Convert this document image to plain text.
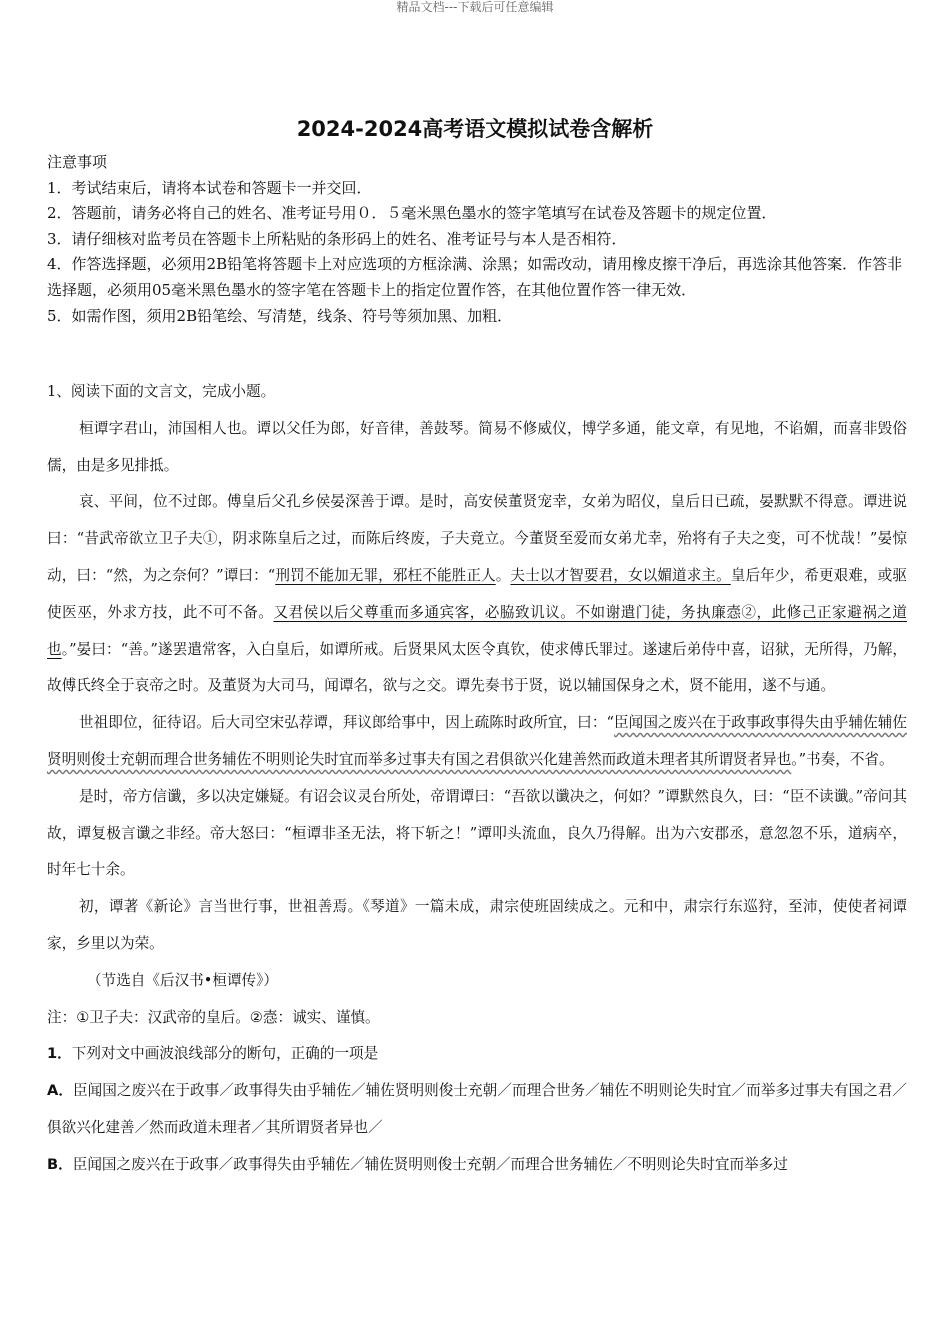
精品文档---下载后可任意编辑
2024-2024高考语文模拟试卷含解析

注意事项

1．考试结束后，请将本试卷和答题卡一并交回．

2．答题前，请务必将自己的姓名、准考证号用０．５毫米黑色墨水的签字笔填写在试卷及答题卡的规定位置．

3．请仔细核对监考员在答题卡上所粘贴的条形码上的姓名、准考证号与本人是否相符．

4．作答选择题，必须用2B铅笔将答题卡上对应选项的方框涂满、涂黑；如需改动，请用橡皮擦干净后，再选涂其他答案．作答非选择题，必须用05毫米黑色墨水的签字笔在答题卡上的指定位置作答，在其他位置作答一律无效．

5．如需作图，须用2B铅笔绘、写清楚，线条、符号等须加黑、加粗．

1、阅读下面的文言文，完成小题。

桓谭字君山，沛国相人也。谭以父任为郎，好音律，善鼓琴。简易不修威仪，博学多通，能文章，有见地，不谄媚，而喜非毁俗儒，由是多见排抵。

哀、平间，位不过郎。傅皇后父孔乡侯晏深善于谭。是时，高安侯董贤宠幸，女弟为昭仪，皇后日已疏，晏默默不得意。谭进说曰：“昔武帝欲立卫子夫①，阴求陈皇后之过，而陈后终废，子夫竟立。今董贤至爱而女弟尤幸，殆将有子夫之变，可不忧哉！”晏惊动，曰：“然，为之奈何？”谭曰：“刑罚不能加无罪，邪枉不能胜正人。夫士以才智要君，女以媚道求主。皇后年少，希更艰难，或驱使医巫，外求方技，此不可不备。又君侯以后父尊重而多通宾客，必脇致讥议。不如谢遣门徒，务执廉悫②，此修己正家避祸之道也。”晏曰：“善。”遂罢遣常客，入白皇后，如谭所戒。后贤果风太医令真钦，使求傅氏罪过。遂逮后弟侍中喜，诏狱，无所得，乃解，故傅氏终全于哀帝之时。及董贤为大司马，闻谭名，欲与之交。谭先奏书于贤，说以辅国保身之术，贤不能用，遂不与通。

世祖即位，征待诏。后大司空宋弘荐谭，拜议郎给事中，因上疏陈时政所宜，曰：“臣闻国之废兴在于政事政事得失由乎辅佐辅佐贤明则俊士充朝而理合世务辅佐不明则论失时宜而举多过事夫有国之君俱欲兴化建善然而政道未理者其所谓贤者异也。”书奏，不省。

是时，帝方信谶，多以决定嫌疑。有诏会议灵台所处，帝谓谭曰：“吾欲以谶决之，何如？”谭默然良久，曰：“臣不读谶。”帝问其故，谭复极言谶之非经。帝大怒曰：“桓谭非圣无法，将下斩之！”谭叩头流血，良久乃得解。出为六安郡丞，意忽忽不乐，道病卒，时年七十余。

初，谭著《新论》言当世行事，世祖善焉。《琴道》一篇未成，肃宗使班固续成之。元和中，肃宗行东巡狩，至沛，使使者祠谭家，乡里以为荣。

（节选自《后汉书•桓谭传》）

注：①卫子夫：汉武帝的皇后。②悫：诚实、谨慎。

1．下列对文中画波浪线部分的断句，正确的一项是

A．臣闻国之废兴在于政事／政事得失由乎辅佐／辅佐贤明则俊士充朝／而理合世务／辅佐不明则论失时宜／而举多过事夫有国之君／俱欲兴化建善／然而政道未理者／其所谓贤者异也／

B．臣闻国之废兴在于政事／政事得失由乎辅佐／辅佐贤明则俊士充朝／而理合世务辅佐／不明则论失时宜而举多过
